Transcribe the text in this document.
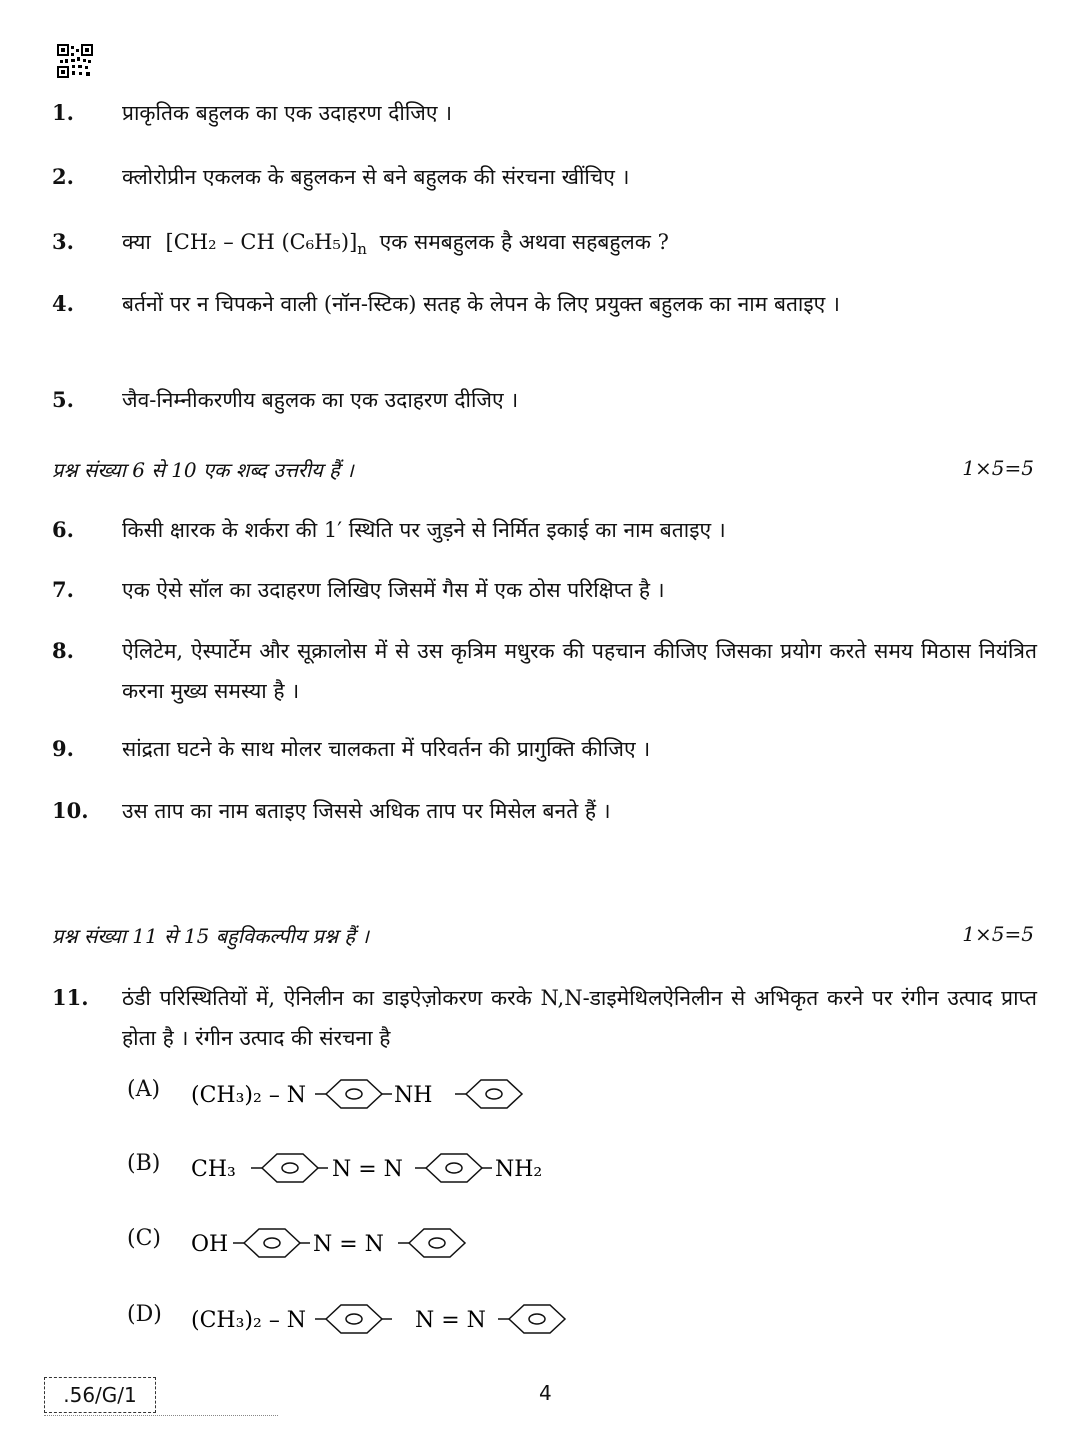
1. प्राकृतिक बहुलक का एक उदाहरण दीजिए ।
2. क्लोरोप्रीन एकलक के बहुलकन से बने बहुलक की संरचना खींचिए ।
3. क्या [CH₂ – CH $(C_6H_5)]_n$ एक समबहुलक है अथवा सहबहुलक ?
4. बर्तनों पर न चिपकने वाली (नॉन-स्टिक) सतह के लेपन के लिए प्रयुक्त बहुलक का नाम बताइए ।
5. जैव-निम्नीकरणीय बहुलक का एक उदाहरण दीजिए ।
प्रश्न संख्या 6 से 10 एक शब्द उत्तरीय हैं ।	1×5=5
6. किसी क्षारक के शर्करा की 1′ स्थिति पर जुड़ने से निर्मित इकाई का नाम बताइए ।
7. एक ऐसे सॉल का उदाहरण लिखिए जिसमें गैस में एक ठोस परिक्षिप्त है ।
8. ऐलिटेम, ऐस्पार्टेम और सूक्रालोस में से उस कृत्रिम मधुरक की पहचान कीजिए जिसका प्रयोग करते समय मिठास नियंत्रित करना मुख्य समस्या है ।
9. सांद्रता घटने के साथ मोलर चालकता में परिवर्तन की प्रागुक्ति कीजिए ।
10. उस ताप का नाम बताइए जिससे अधिक ताप पर मिसेल बनते हैं ।
प्रश्न संख्या 11 से 15 बहुविकल्पीय प्रश्न हैं ।	1×5=5
11. ठंडी परिस्थितियों में, ऐनिलीन का डाइऐज़ोकरण करके N,N-डाइमेथिलऐनिलीन से अभिकृत करने पर रंगीन उत्पाद प्राप्त होता है । रंगीन उत्पाद की संरचना है
(A) (CH₃)₂ – N	NH
(B) CH₃	N = N	NH₂
(C) OH	N = N
(D) (CH₃)₂ – N	N = N
.56/G/1	4
